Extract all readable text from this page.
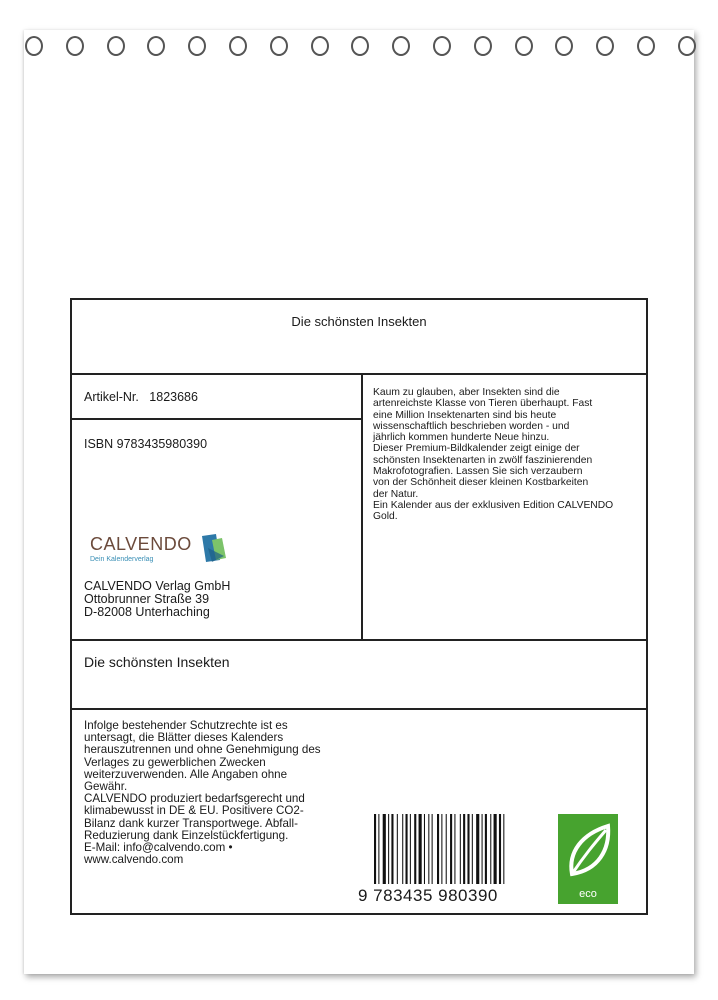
Die schönsten Insekten
Artikel-Nr. 1823686
ISBN 9783435980390
CALVENDO
Dein Kalenderverlag
CALVENDO Verlag GmbH
Ottobrunner Straße 39
D-82008 Unterhaching
Kaum zu glauben, aber Insekten sind die
artenreichste Klasse von Tieren überhaupt. Fast
eine Million Insektenarten sind bis heute
wissenschaftlich beschrieben worden - und
jährlich kommen hunderte Neue hinzu.
Dieser Premium-Bildkalender zeigt einige der
schönsten Insektenarten in zwölf faszinierenden
Makrofotografien. Lassen Sie sich verzaubern
von der Schönheit dieser kleinen Kostbarkeiten
der Natur.
Ein Kalender aus der exklusiven Edition CALVENDO
Gold.
Die schönsten Insekten
Infolge bestehender Schutzrechte ist es
untersagt, die Blätter dieses Kalenders
herauszutrennen und ohne Genehmigung des
Verlages zu gewerblichen Zwecken
weiterzuverwenden. Alle Angaben ohne
Gewähr.
CALVENDO produziert bedarfsgerecht und
klimabewusst in DE & EU. Positivere CO2-
Bilanz dank kurzer Transportwege. Abfall-
Reduzierung dank Einzelstückfertigung.
E-Mail: info@calvendo.com •
www.calvendo.com
9 783435 980390	eco
